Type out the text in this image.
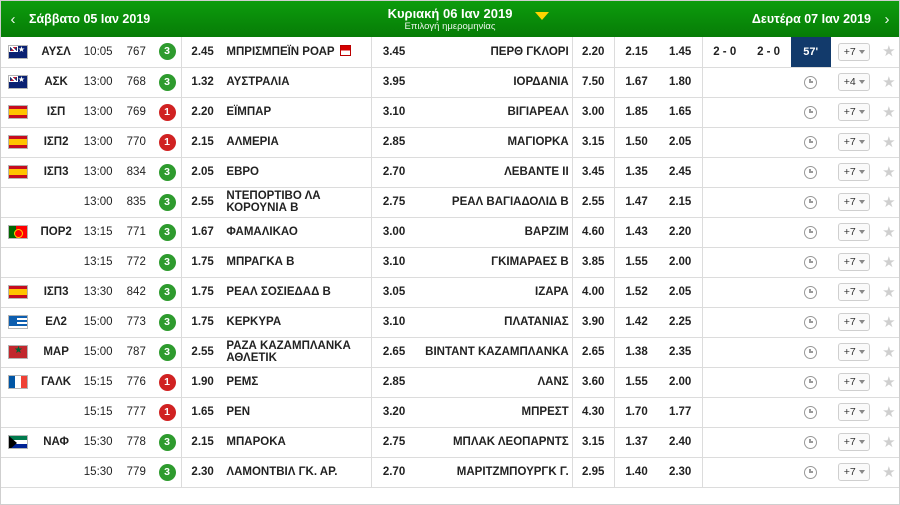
‹	Σάββατο 05 Ιαν 2019	Κυριακή 06 Ιαν 2019
Επιλογή ημερομηνίας	Δευτέρα 07 Ιαν 2019 ›
★	ΑΥΣΛ	10:05	767	3	2.45	ΜΠΡΙΣΜΠΕΪΝ ΡΟΑΡ	3.45	ΠΕΡΘ ΓΚΛΟΡΙ	2.20	2.15	1.45	2 - 0	2 - 0	57'	+7	★
★	ΑΣΚ	13:00	768	3	1.32	ΑΥΣΤΡΑΛΙΑ	3.95	ΙΟΡΔΑΝΙΑ	7.50	1.67	1.80				+4	★
	ΙΣΠ	13:00	769	1	2.20	ΕΪΜΠΑΡ	3.10	ΒΙΓΙΑΡΕΑΛ	3.00	1.85	1.65				+7	★
	ΙΣΠ2	13:00	770	1	2.15	ΑΛΜΕΡΙΑ	2.85	ΜΑΓΙΟΡΚΑ	3.15	1.50	2.05				+7	★
	ΙΣΠ3	13:00	834	3	2.05	ΕΒΡΟ	2.70	ΛΕΒΑΝΤΕ II	3.45	1.35	2.45				+7	★
		13:00	835	3	2.55	ΝΤΕΠΟΡΤΙΒΟ ΛΑ ΚΟΡΟΥΝΙΑ Β	2.75	ΡΕΑΛ ΒΑΓΙΑΔΟΛΙΔ Β	2.55	1.47	2.15				+7	★
	ΠΟΡ2	13:15	771	3	1.67	ΦΑΜΑΛΙΚΑΟ	3.00	ΒΑΡΖΙΜ	4.60	1.43	2.20				+7	★
		13:15	772	3	1.75	ΜΠΡΑΓΚΑ Β	3.10	ΓΚΙΜΑΡΑΕΣ Β	3.85	1.55	2.00				+7	★
	ΙΣΠ3	13:30	842	3	1.75	ΡΕΑΛ ΣΟΣΙΕΔΑΔ Β	3.05	ΙΖΑΡΑ	4.00	1.52	2.05				+7	★
	ΕΛ2	15:00	773	3	1.75	ΚΕΡΚΥΡΑ	3.10	ΠΛΑΤΑΝΙΑΣ	3.90	1.42	2.25				+7	★
★	ΜΑΡ	15:00	787	3	2.55	ΡΑΖΑ ΚΑΖΑΜΠΛΑΝΚΑ ΑΘΛΕΤΙΚ	2.65	ΒΙΝΤΑΝΤ ΚΑΖΑΜΠΛΑΝΚΑ	2.65	1.38	2.35				+7	★
	ΓΑΛΚ	15:15	776	1	1.90	ΡΕΜΣ	2.85	ΛΑΝΣ	3.60	1.55	2.00				+7	★
		15:15	777	1	1.65	ΡΕΝ	3.20	ΜΠΡΕΣΤ	4.30	1.70	1.77				+7	★
	ΝΑΦ	15:30	778	3	2.15	ΜΠΑΡΟΚΑ	2.75	ΜΠΛΑΚ ΛΕΟΠΑΡΝΤΣ	3.15	1.37	2.40				+7	★
		15:30	779	3	2.30	ΛΑΜΟΝΤΒΙΛ ΓΚ. ΑΡ.	2.70	ΜΑΡΙΤΖΜΠΟΥΡΓΚ Γ.	2.95	1.40	2.30				+7	★
